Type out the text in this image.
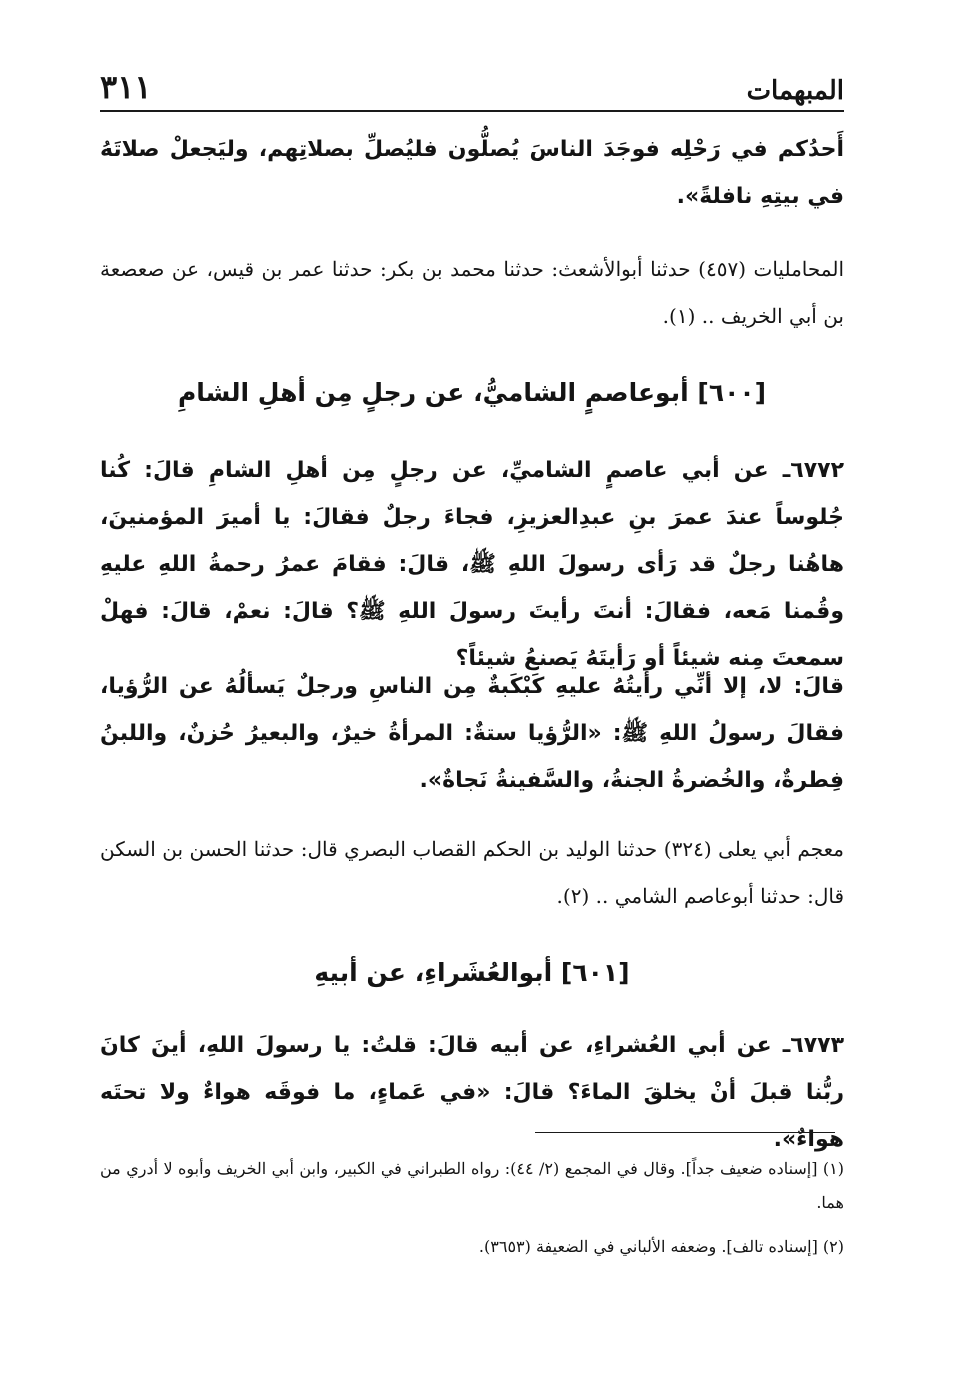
المبهمات
٣١١
أَحدُكم في رَحْلِه فوجَدَ الناسَ يُصلُّون فليُصلِّ بصلاتِهم، وليَجعلْ صلاتَهُ في بيتِهِ نافلةً».
المحامليات (٤٥٧) حدثنا أبوالأشعث: حدثنا محمد بن بكر: حدثنا عمر بن قيس، عن صعصعة بن أبي الخريف .. (١).
[٦٠٠] أبوعاصمٍ الشاميُّ، عن رجلٍ مِن أهلِ الشامِ
٦٧٧٢ـ عن أبي عاصمٍ الشاميِّ، عن رجلٍ مِن أهلِ الشامِ قالَ: كُنا جُلوساً عندَ عمرَ بنِ عبدِالعزيزِ، فجاءَ رجلٌ فقالَ: يا أميرَ المؤمنينَ، هاهُنا رجلٌ قد رَأى رسولَ اللهِ ﷺ، قالَ: فقامَ عمرُ رحمةُ اللهِ عليهِ وقُمنا مَعه، فقالَ: أنتَ رأيتَ رسولَ اللهِ ﷺ؟ قالَ: نعمْ، قالَ: فهلْ سمعتَ مِنه شيئاً أو رَأيتَهُ يَصنعُ شيئاً؟
قالَ: لا، إلا أنِّي رأيتُهُ عليهِ كَبْكَبةٌ مِن الناسِ ورجلٌ يَسألُهُ عن الرُّؤيا، فقالَ رسولُ اللهِ ﷺ: «الرُّؤيا ستةٌ: المرأةُ خيرٌ، والبعيرُ حُزنٌ، واللبنُ فِطرةٌ، والخُضرةُ الجنةُ، والسَّفينةُ نَجاةٌ».
معجم أبي يعلى (٣٢٤) حدثنا الوليد بن الحكم القصاب البصري قال: حدثنا الحسن بن السكن قال: حدثنا أبوعاصم الشامي .. (٢).
[٦٠١] أبوالعُشَراءِ، عن أبيهِ
٦٧٧٣ـ عن أبي العُشراءِ، عن أبيه قالَ: قلتُ: يا رسولَ اللهِ، أينَ كانَ ربُّنا قبلَ أنْ يخلقَ الماءَ؟ قالَ: «في عَماءٍ، ما فوقَه هواءٌ ولا تحتَه هواءٌ».
(١) [إسناده ضعيف جداً]. وقال في المجمع (٢/ ٤٤): رواه الطبراني في الكبير، وابن أبي الخريف وأبوه لا أدري من هما.
(٢) [إسناده تالف]. وضعفه الألباني في الضعيفة (٣٦٥٣).
